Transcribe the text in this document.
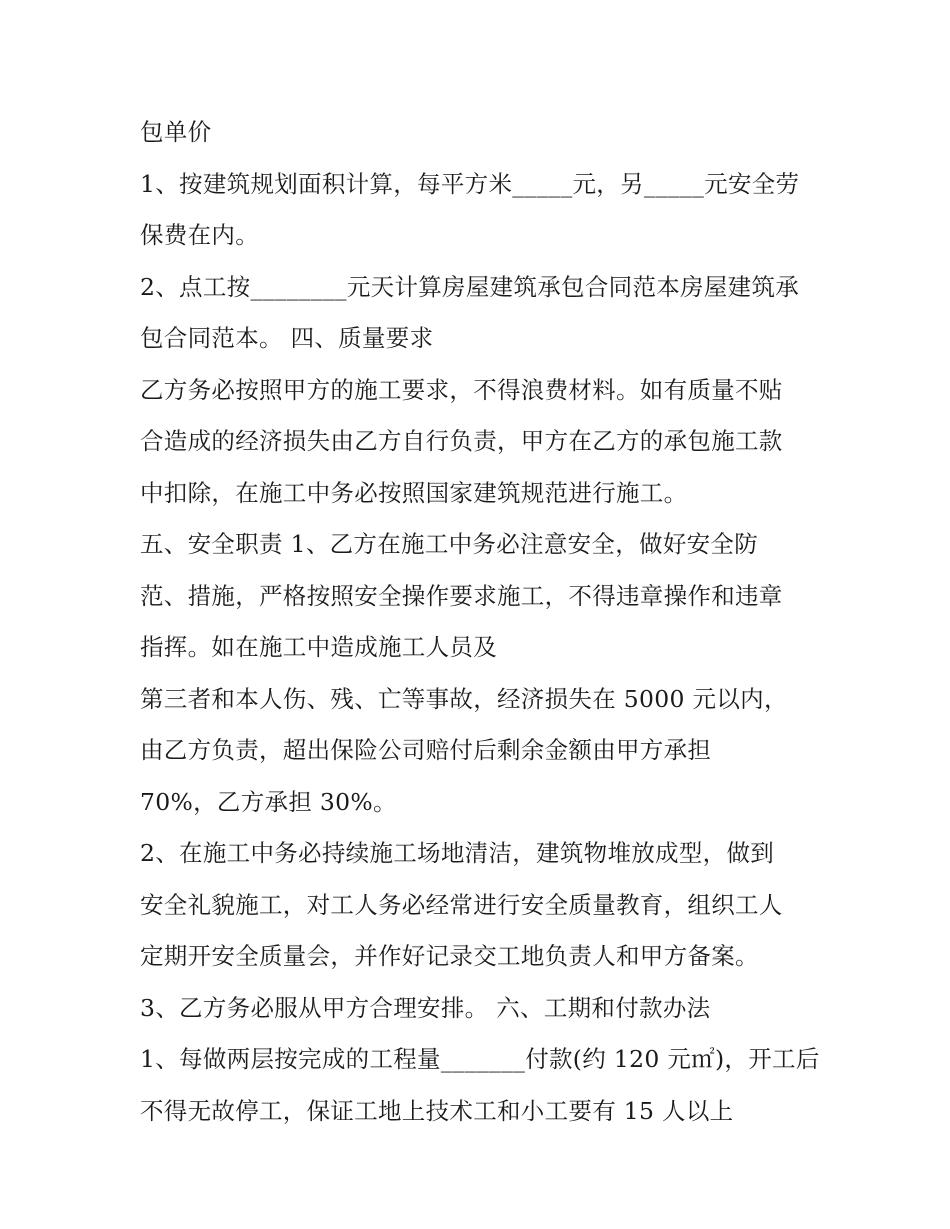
包单价
1、按建筑规划面积计算，每平方米_____元，另_____元安全劳
保费在内。
2、点工按________元天计算房屋建筑承包合同范本房屋建筑承
包合同范本。 四、质量要求
乙方务必按照甲方的施工要求，不得浪费材料。如有质量不贴
合造成的经济损失由乙方自行负责，甲方在乙方的承包施工款
中扣除，在施工中务必按照国家建筑规范进行施工。
五、安全职责 1、乙方在施工中务必注意安全，做好安全防
范、措施，严格按照安全操作要求施工，不得违章操作和违章
指挥。如在施工中造成施工人员及
第三者和本人伤、残、亡等事故，经济损失在 5000 元以内，
由乙方负责，超出保险公司赔付后剩余金额由甲方承担
70%，乙方承担 30%。
2、在施工中务必持续施工场地清洁，建筑物堆放成型，做到
安全礼貌施工，对工人务必经常进行安全质量教育，组织工人
定期开安全质量会，并作好记录交工地负责人和甲方备案。
3、乙方务必服从甲方合理安排。 六、工期和付款办法
1、每做两层按完成的工程量_______付款(约 120 元㎡)，开工后
不得无故停工，保证工地上技术工和小工要有 15 人以上
